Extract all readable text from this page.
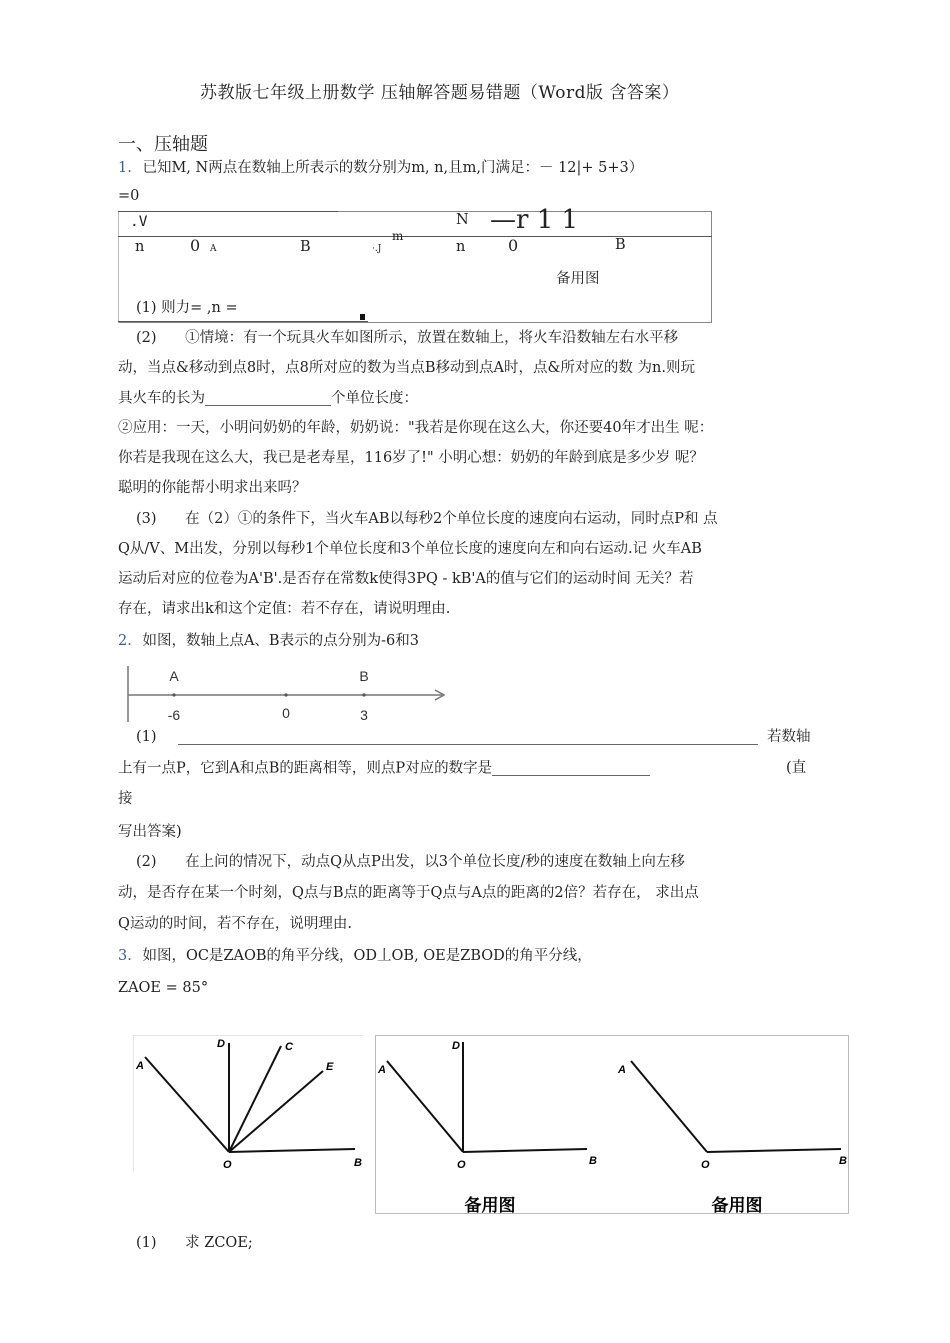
苏教版七年级上册数学 压轴解答题易错题（Word版 含答案）
一、压轴题
1. 已知M, N两点在数轴上所表示的数分别为m, n,且m,门满足：－ 12|+ 5+3）
=0
.V
n	0 A	B	·.J
m
N —r 1 1
n	0	B
备用图
(1) 则力= ,n =
(2) ①情境：有一个玩具火车如图所示，放置在数轴上，将火车沿数轴左右水平移
动，当点&移动到点8时，点8所对应的数为当点B移动到点A时，点&所对应的数 为n.则玩
具火车的长为	个单位长度：
②应用：一天，小明问奶奶的年龄，奶奶说："我若是你现在这么大，你还要40年才出生 呢：
你若是我现在这么大，我已是老寿星，116岁了!" 小明心想：奶奶的年龄到底是多少岁 呢？
聪明的你能帮小明求出来吗？
(3) 在（2）①的条件下，当火车AB以每秒2个单位长度的速度向右运动，同时点P和 点
Q从/V、M出发，分别以每秒1个单位长度和3个单位长度的速度向左和向右运动.记 火车AB
运动后对应的位卷为A'B'.是否存在常数k使得3PQ - kB'A的值与它们的运动时间 无关？若
存在，请求出k和这个定值：若不存在，请说明理由.
2. 如图，数轴上点A、B表示的点分别为-6和3
A	B
-6	0	3
(1)	若数轴
上有一点P，它到A和点B的距离相等，则点P对应的数字是	(直
接
写出答案)
(2) 在上问的情况下，动点Q从点P出发，以3个单位长度/秒的速度在数轴上向左移
动，是否存在某一个时刻，Q点与B点的距离等于Q点与A点的距离的2倍？若存在， 求出点
Q运动的时间，若不存在，说明理由.
3. 如图，OC是ZAOB的角平分线，OD丄OB, OE是ZBOD的角平分线，
ZAOE = 85°
A
D	C
E
O	B
A
D
O	B
备用图
A
O	B
备用图
(1) 求 ZCOE;
